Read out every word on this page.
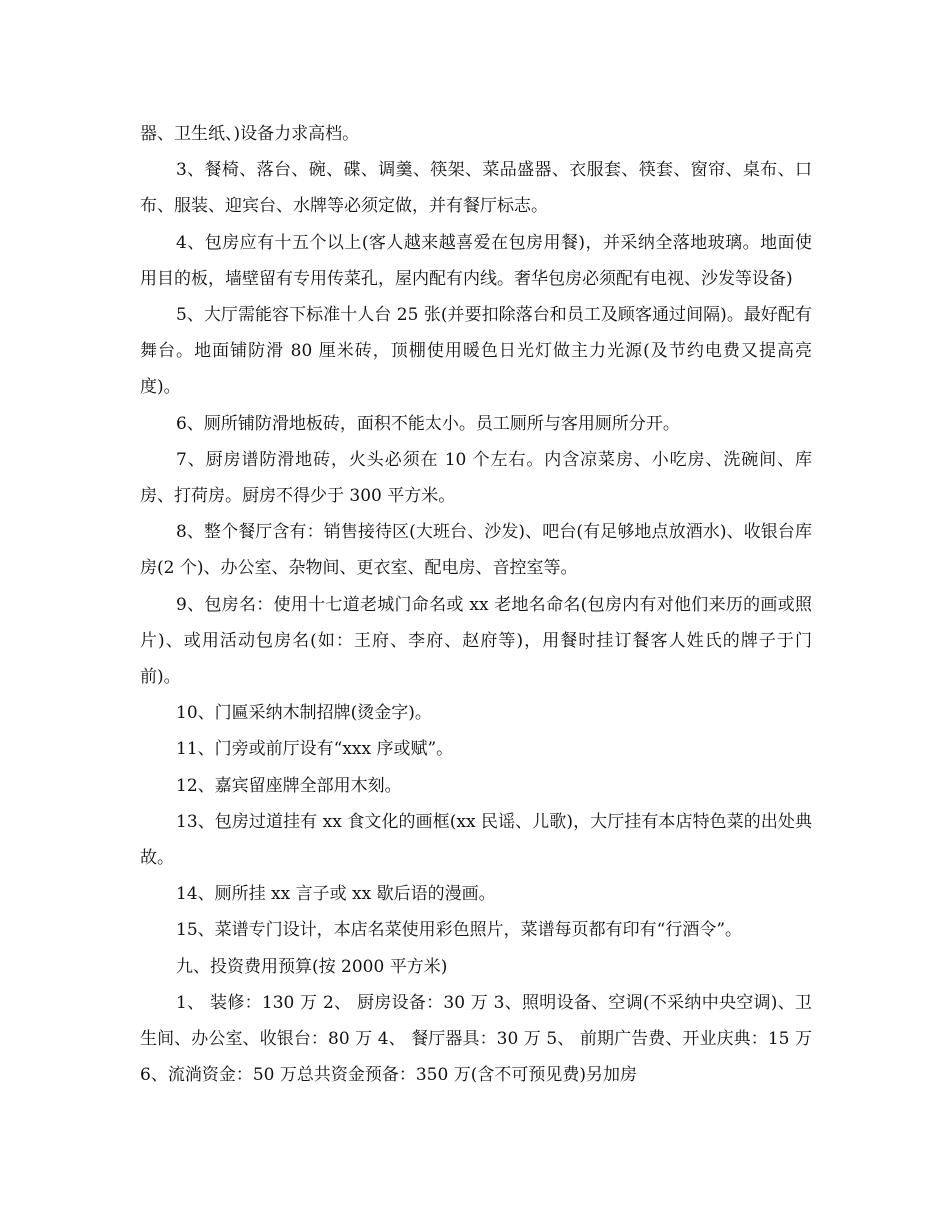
器、卫生纸、)设备力求高档。

3、餐椅、落台、碗、碟、调羹、筷架、菜品盛器、衣服套、筷套、窗帘、桌布、口布、服装、迎宾台、水牌等必须定做，并有餐厅标志。

4、包房应有十五个以上(客人越来越喜爱在包房用餐)，并采纳全落地玻璃。地面使用目的板，墙壁留有专用传菜孔，屋内配有内线。奢华包房必须配有电视、沙发等设备)

5、大厅需能容下标准十人台 25 张(并要扣除落台和员工及顾客通过间隔)。最好配有舞台。地面铺防滑 80 厘米砖，顶棚使用暖色日光灯做主力光源(及节约电费又提高亮度)。

6、厕所铺防滑地板砖，面积不能太小。员工厕所与客用厕所分开。

7、厨房谱防滑地砖，火头必须在 10 个左右。内含凉菜房、小吃房、洗碗间、库房、打荷房。厨房不得少于 300 平方米。

8、整个餐厅含有：销售接待区(大班台、沙发)、吧台(有足够地点放酒水)、收银台库房(2 个)、办公室、杂物间、更衣室、配电房、音控室等。

9、包房名：使用十七道老城门命名或 xx 老地名命名(包房内有对他们来历的画或照片)、或用活动包房名(如：王府、李府、赵府等)，用餐时挂订餐客人姓氏的牌子于门前)。

10、门匾采纳木制招牌(烫金字)。

11、门旁或前厅设有“xxx 序或赋”。

12、嘉宾留座牌全部用木刻。

13、包房过道挂有 xx 食文化的画框(xx 民谣、儿歌)，大厅挂有本店特色菜的出处典故。

14、厕所挂 xx 言子或 xx 歇后语的漫画。

15、菜谱专门设计，本店名菜使用彩色照片，菜谱每页都有印有“行酒令”。

九、投资费用预算(按 2000 平方米)

1、 装修：130 万 2、 厨房设备：30 万 3、照明设备、空调(不采纳中央空调)、卫生间、办公室、收银台：80 万 4、 餐厅器具：30 万 5、 前期广告费、开业庆典：15 万 6、流淌资金：50 万总共资金预备：350 万(含不可预见费)另加房
